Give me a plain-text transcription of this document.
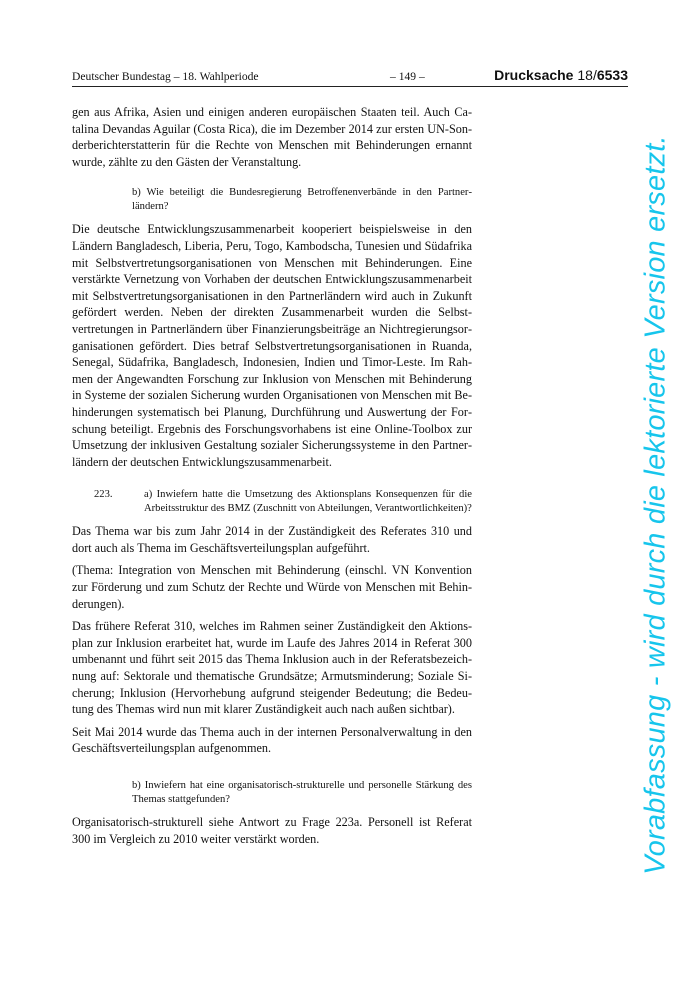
Deutscher Bundestag – 18. Wahlperiode	– 149 –	Drucksache 18/6533

gen aus Afrika, Asien und einigen anderen europäischen Staaten teil. Auch Catalina Devandas Aguilar (Costa Rica), die im Dezember 2014 zur ersten UN-Sonderberichterstatterin für die Rechte von Menschen mit Behinderungen ernannt wurde, zählte zu den Gästen der Veranstaltung.

b) Wie beteiligt die Bundesregierung Betroffenenverbände in den Partnerländern?

Die deutsche Entwicklungszusammenarbeit kooperiert beispielsweise in den Ländern Bangladesch, Liberia, Peru, Togo, Kambodscha, Tunesien und Südafrika mit Selbstvertretungsorganisationen von Menschen mit Behinderungen. Eine verstärkte Vernetzung von Vorhaben der deutschen Entwicklungszusammenarbeit mit Selbstvertretungsorganisationen in den Partnerländern wird auch in Zukunft gefördert werden. Neben der direkten Zusammenarbeit wurden die Selbstvertretungen in Partnerländern über Finanzierungsbeiträge an Nichtregierungsorganisationen gefördert. Dies betraf Selbstvertretungsorganisationen in Ruanda, Senegal, Südafrika, Bangladesch, Indonesien, Indien und Timor-Leste. Im Rahmen der Angewandten Forschung zur Inklusion von Menschen mit Behinderung in Systeme der sozialen Sicherung wurden Organisationen von Menschen mit Behinderungen systematisch bei Planung, Durchführung und Auswertung der Forschung beteiligt. Ergebnis des Forschungsvorhabens ist eine Online-Toolbox zur Umsetzung der inklusiven Gestaltung sozialer Sicherungssysteme in den Partnerländern der deutschen Entwicklungszusammenarbeit.

223.	a) Inwiefern hatte die Umsetzung des Aktionsplans Konsequenzen für die Arbeitsstruktur des BMZ (Zuschnitt von Abteilungen, Verantwortlichkeiten)?

Das Thema war bis zum Jahr 2014 in der Zuständigkeit des Referates 310 und dort auch als Thema im Geschäftsverteilungsplan aufgeführt.

(Thema: Integration von Menschen mit Behinderung (einschl. VN Konvention zur Förderung und zum Schutz der Rechte und Würde von Menschen mit Behinderungen).

Das frühere Referat 310, welches im Rahmen seiner Zuständigkeit den Aktionsplan zur Inklusion erarbeitet hat, wurde im Laufe des Jahres 2014 in Referat 300 umbenannt und führt seit 2015 das Thema Inklusion auch in der Referatsbezeichnung auf: Sektorale und thematische Grundsätze; Armutsminderung; Soziale Sicherung; Inklusion (Hervorhebung aufgrund steigender Bedeutung; die Bedeutung des Themas wird nun mit klarer Zuständigkeit auch nach außen sichtbar).

Seit Mai 2014 wurde das Thema auch in der internen Personalverwaltung in den Geschäftsverteilungsplan aufgenommen.

b) Inwiefern hat eine organisatorisch-strukturelle und personelle Stärkung des Themas stattgefunden?

Organisatorisch-strukturell siehe Antwort zu Frage 223a. Personell ist Referat 300 im Vergleich zu 2010 weiter verstärkt worden.	Vorabfassung - wird durch die lektorierte Version ersetzt.
